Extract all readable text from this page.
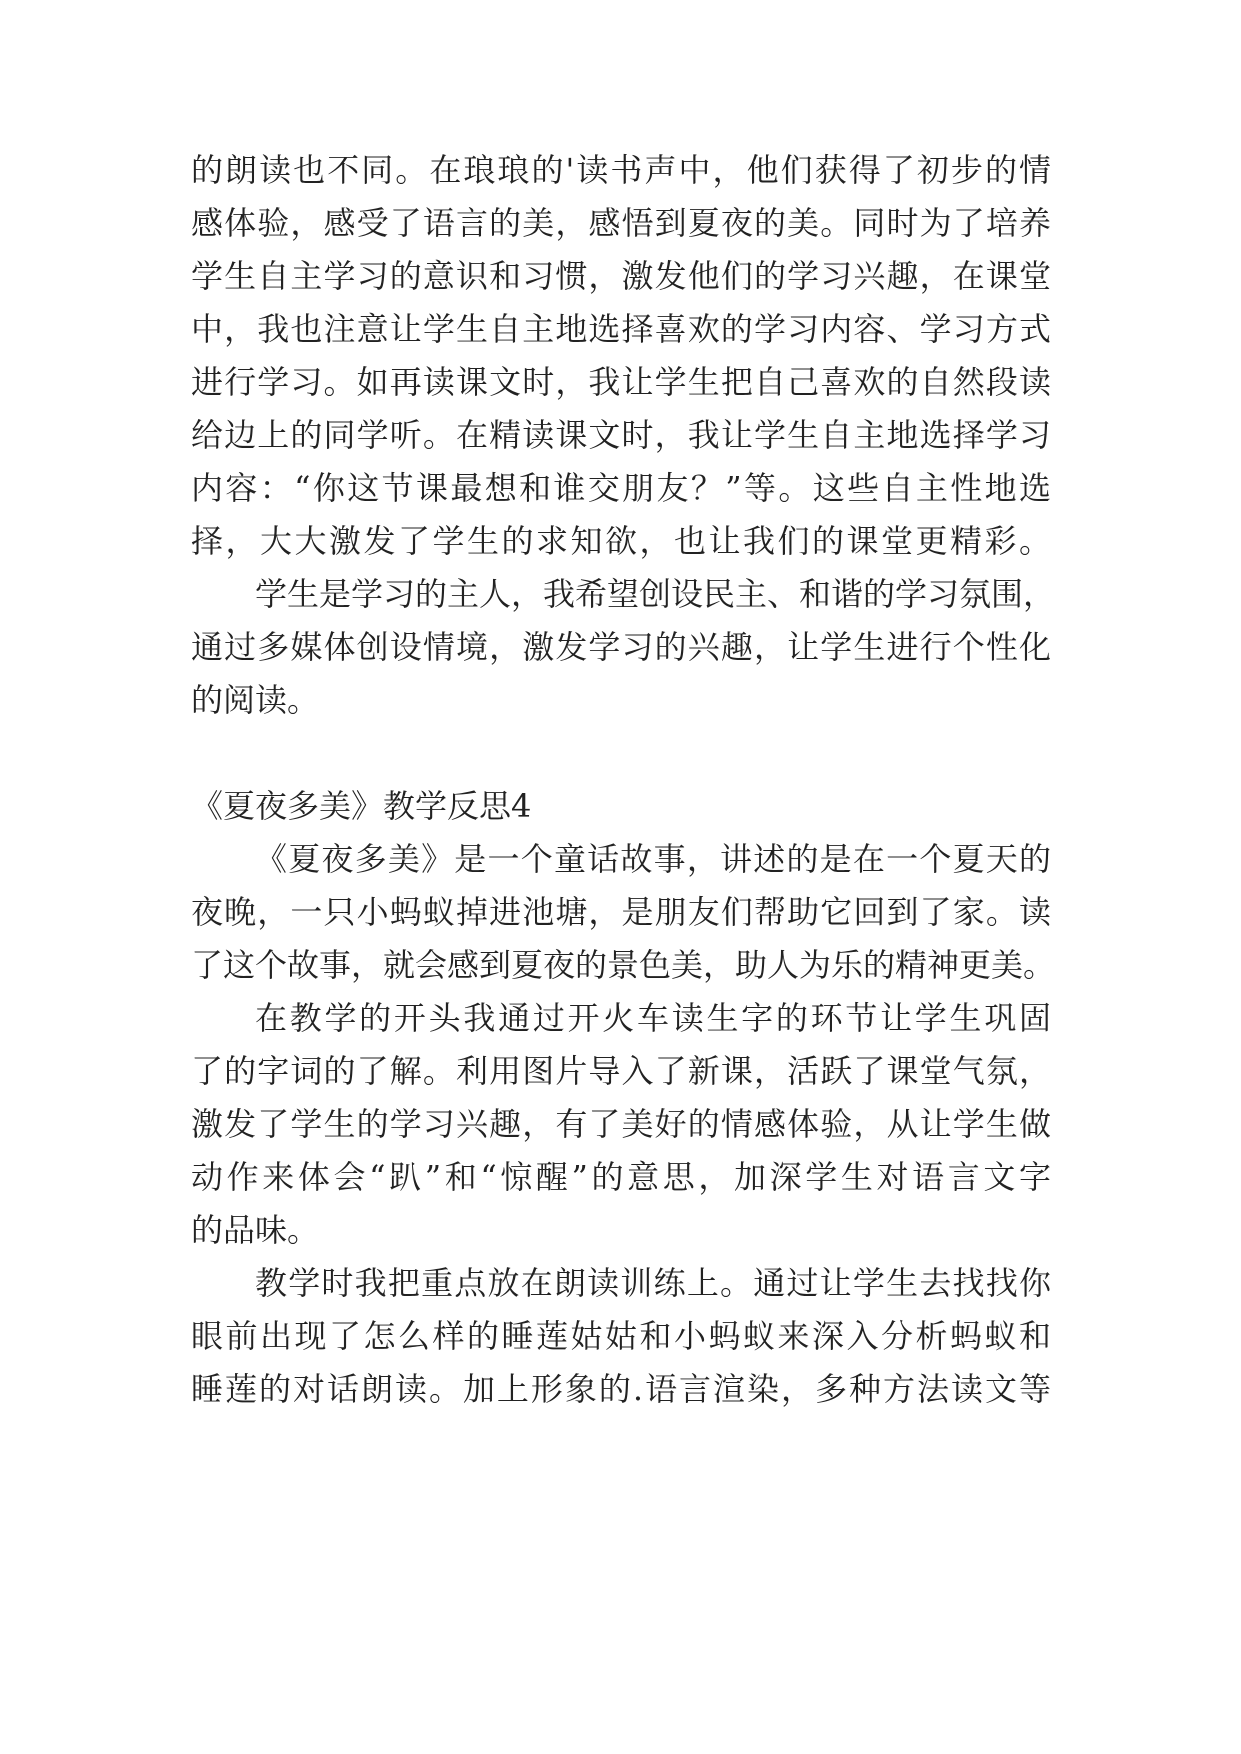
的朗读也不同。在琅琅的'读书声中，他们获得了初步的情
感体验，感受了语言的美，感悟到夏夜的美。同时为了培养
学生自主学习的意识和习惯，激发他们的学习兴趣，在课堂
中，我也注意让学生自主地选择喜欢的学习内容、学习方式
进行学习。如再读课文时，我让学生把自己喜欢的自然段读
给边上的同学听。在精读课文时，我让学生自主地选择学习
内容：“你这节课最想和谁交朋友？”等。这些自主性地选
择，大大激发了学生的求知欲，也让我们的课堂更精彩。
学生是学习的主人，我希望创设民主、和谐的学习氛围，
通过多媒体创设情境，激发学习的兴趣，让学生进行个性化
的阅读。
《夏夜多美》教学反思4
《夏夜多美》是一个童话故事，讲述的是在一个夏天的
夜晚，一只小蚂蚁掉进池塘，是朋友们帮助它回到了家。读
了这个故事，就会感到夏夜的景色美，助人为乐的精神更美。
在教学的开头我通过开火车读生字的环节让学生巩固
了的字词的了解。利用图片导入了新课，活跃了课堂气氛，
激发了学生的学习兴趣，有了美好的情感体验，从让学生做
动作来体会“趴”和“惊醒”的意思，加深学生对语言文字
的品味。
教学时我把重点放在朗读训练上。通过让学生去找找你
眼前出现了怎么样的睡莲姑姑和小蚂蚁来深入分析蚂蚁和
睡莲的对话朗读。加上形象的.语言渲染，多种方法读文等
